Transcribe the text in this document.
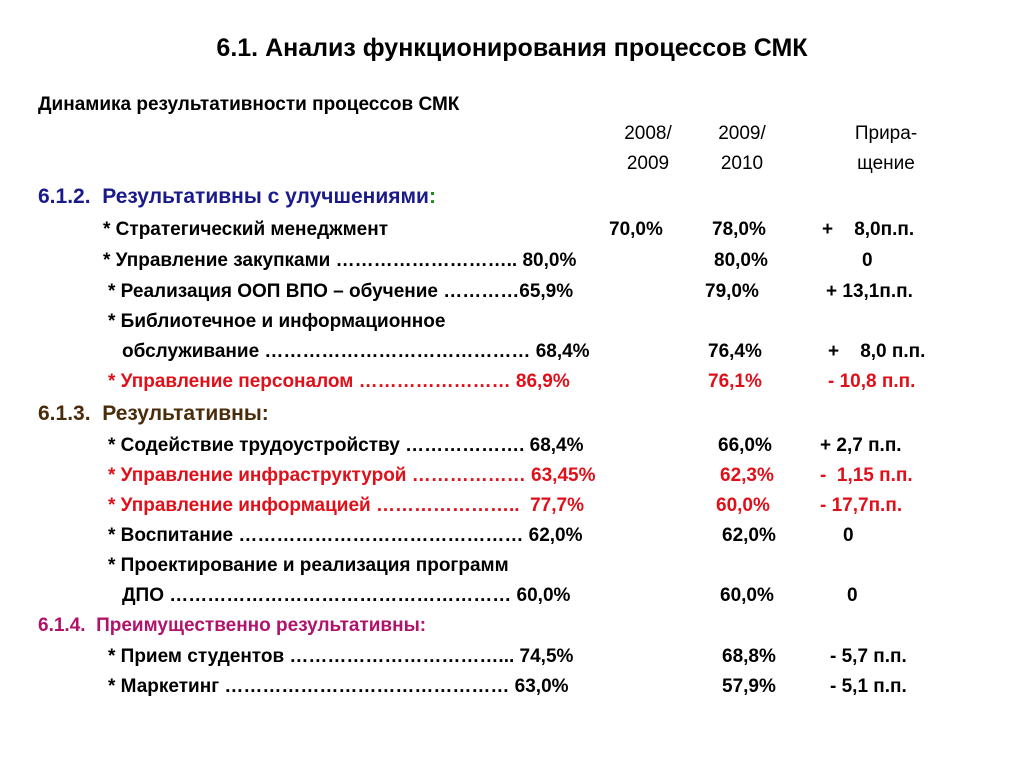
6.1. Анализ функционирования процессов СМК
Динамика результативности процессов СМК
2008/
2009
2009/
2010
Прира-
щение
6.1.2.  Результативны с улучшениями:
* Стратегический менеджмент	70,0%	78,0%	+    8,0п.п.
* Управление закупками ……………………….. 80,0%	80,0%	0
* Реализация ООП ВПО – обучение …………65,9%	79,0%	+ 13,1п.п.
* Библиотечное и информационное
обслуживание …………………………………… 68,4%	76,4%	+    8,0 п.п.
* Управление персоналом …………………… 86,9%	76,1%	- 10,8 п.п.
6.1.3.  Результативны:
* Содействие трудоустройству ………………. 68,4%	66,0%	+ 2,7 п.п.
* Управление инфраструктурой ……………… 63,45%	62,3% -  1,15 п.п.
* Управление информацией …………………..  77,7%	60,0%	- 17,7п.п.
* Воспитание ……………………………………… 62,0%	62,0%	0
* Проектирование и реализация программ
ДПО ……………………………………………… 60,0%	60,0%	0
6.1.4.  Преимущественно результативны:
* Прием студентов ……………………………... 74,5%	68,8%	- 5,7 п.п.
* Маркетинг ……………………………………… 63,0%	57,9%	- 5,1 п.п.
